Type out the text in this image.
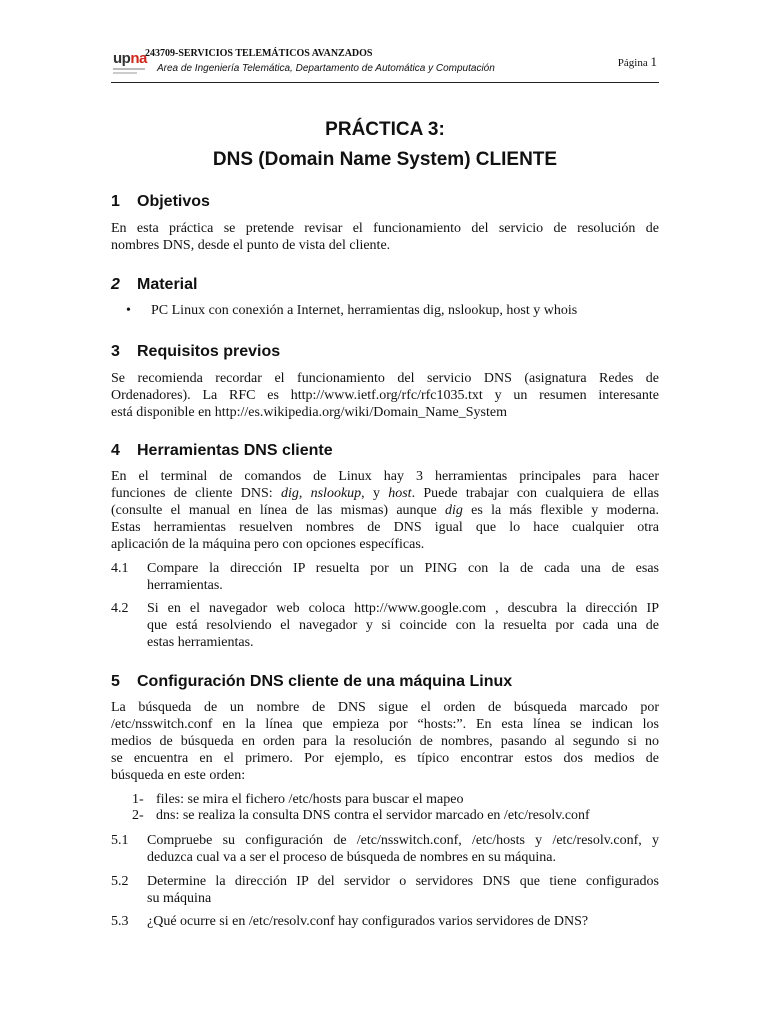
upna
243709-SERVICIOS TELEMÁTICOS AVANZADOS
Area de Ingeniería Telemática, Departamento de Automática y Computación	Página 1
PRÁCTICA 3:
DNS (Domain Name System) CLIENTE
1 Objetivos
En esta práctica se pretende revisar el funcionamiento del servicio de resolución de
nombres DNS, desde el punto de vista del cliente.
2 Material
• PC Linux con conexión a Internet, herramientas dig, nslookup, host y whois
3 Requisitos previos
Se recomienda recordar el funcionamiento del servicio DNS (asignatura Redes de
Ordenadores). La RFC es http://www.ietf.org/rfc/rfc1035.txt y un resumen interesante
está disponible en http://es.wikipedia.org/wiki/Domain_Name_System
4 Herramientas DNS cliente
En el terminal de comandos de Linux hay 3 herramientas principales para hacer
funciones de cliente DNS: dig, nslookup, y host. Puede trabajar con cualquiera de ellas
(consulte el manual en línea de las mismas) aunque dig es la más flexible y moderna.
Estas herramientas resuelven nombres de DNS igual que lo hace cualquier otra
aplicación de la máquina pero con opciones específicas.
4.1 Compare la dirección IP resuelta por un PING con la de cada una de esas
herramientas.
4.2 Si en el navegador web coloca http://www.google.com , descubra la dirección IP
que está resolviendo el navegador y si coincide con la resuelta por cada una de
estas herramientas.
5 Configuración DNS cliente de una máquina Linux
La búsqueda de un nombre de DNS sigue el orden de búsqueda marcado por
/etc/nsswitch.conf en la línea que empieza por “hosts:”. En esta línea se indican los
medios de búsqueda en orden para la resolución de nombres, pasando al segundo si no
se encuentra en el primero. Por ejemplo, es típico encontrar estos dos medios de
búsqueda en este orden:
1- files: se mira el fichero /etc/hosts para buscar el mapeo
2- dns: se realiza la consulta DNS contra el servidor marcado en /etc/resolv.conf
5.1 Compruebe su configuración de /etc/nsswitch.conf, /etc/hosts y /etc/resolv.conf, y
deduzca cual va a ser el proceso de búsqueda de nombres en su máquina.
5.2 Determine la dirección IP del servidor o servidores DNS que tiene configurados
su máquina
5.3 ¿Qué ocurre si en /etc/resolv.conf hay configurados varios servidores de DNS?
